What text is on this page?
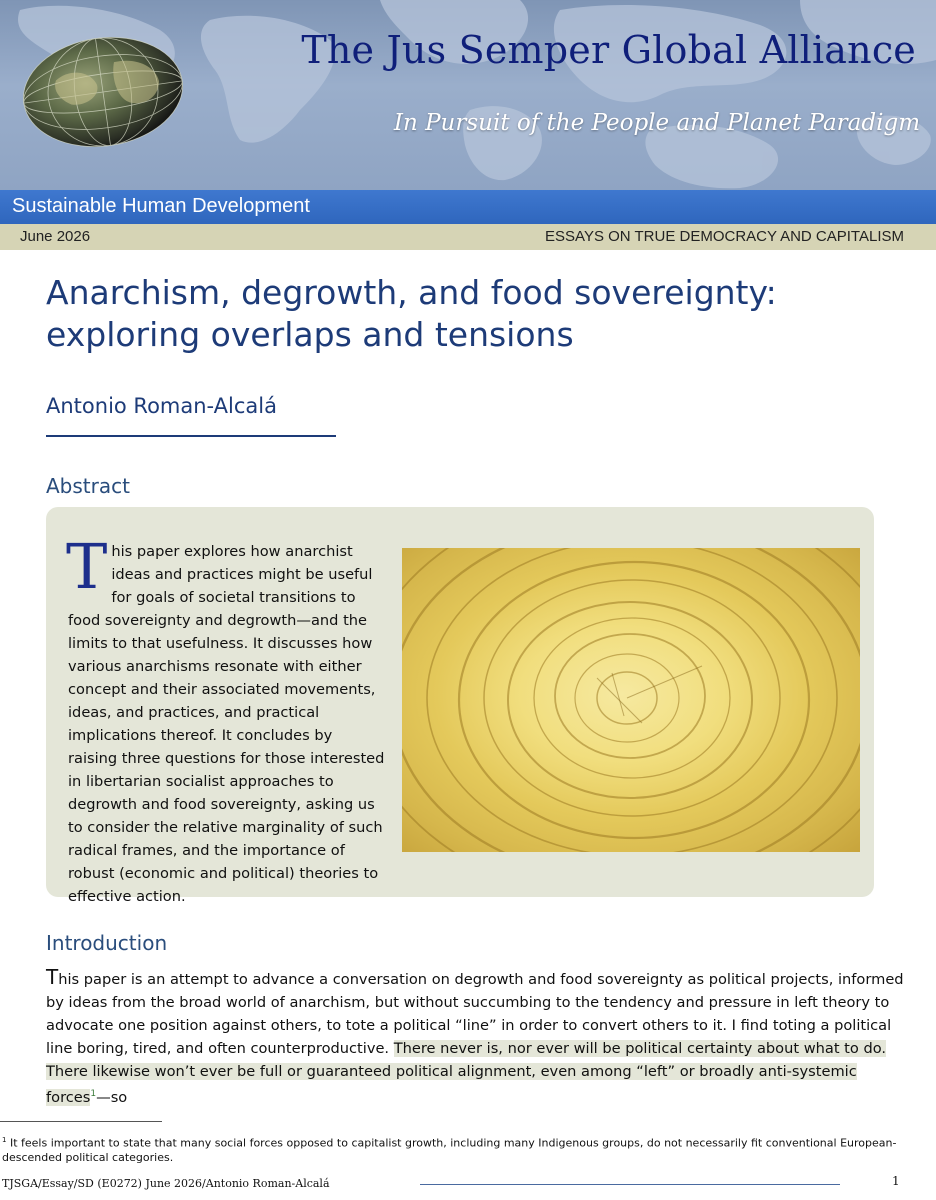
The Jus Semper Global Alliance
In Pursuit of the People and Planet Paradigm
Sustainable Human Development
June 2026	ESSAYS ON TRUE DEMOCRACY AND CAPITALISM
Anarchism, degrowth, and food sovereignty: exploring overlaps and tensions
Antonio Roman-Alcalá
Abstract
This paper explores how anarchist ideas and practices might be useful for goals of societal transitions to food sovereignty and degrowth—and the limits to that usefulness. It discusses how various anarchisms resonate with either concept and their associated movements, ideas, and practices, and practical implications thereof. It concludes by raising three questions for those interested in libertarian socialist approaches to degrowth and food sovereignty, asking us to consider the relative marginality of such radical frames, and the importance of robust (economic and political) theories to effective action.
Introduction

This paper is an attempt to advance a conversation on degrowth and food sovereignty as political projects, informed by ideas from the broad world of anarchism, but without succumbing to the tendency and pressure in left theory to advocate one position against others, to tote a political “line” in order to convert others to it. I find toting a political line boring, tired, and often counterproductive. There never is, nor ever will be political certainty about what to do. There likewise won’t ever be full or guaranteed political alignment, even among “left” or broadly anti-systemic forces$^1$—so

$^1$ It feels important to state that many social forces opposed to capitalist growth, including many Indigenous groups, do not necessarily fit conventional European-descended political categories.
TJSGA/Essay/SD (E0272) June 2026/Antonio Roman-Alcalá	1
